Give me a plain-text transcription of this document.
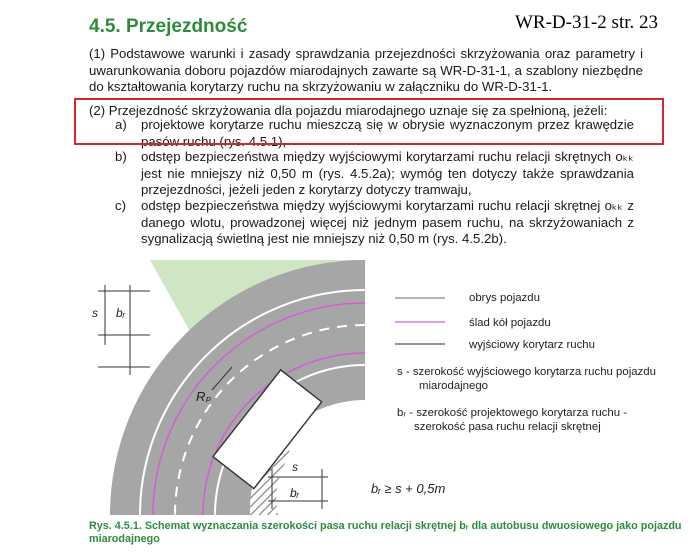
4.5. Przejezdność	WR-D-31-2 str. 23
(1) Podstawowe warunki i zasady sprawdzania przejezdności skrzyżowania oraz parametry i uwarunkowania doboru pojazdów miarodajnych zawarte są WR-D-31-1, a szablony niezbędne do kształtowania korytarzy ruchu na skrzyżowaniu w załączniku do WR-D-31-1.
(2) Przejezdność skrzyżowania dla pojazdu miarodajnego uznaje się za spełnioną, jeżeli:
a) projektowe korytarze ruchu mieszczą się w obrysie wyznaczonym przez krawędzie pasów ruchu (rys. 4.5.1),
b) odstęp bezpieczeństwa między wyjściowymi korytarzami ruchu relacji skrętnych oₖₖ jest nie mniejszy niż 0,50 m (rys. 4.5.2a); wymóg ten dotyczy także sprawdzania przejezdności, jeżeli jeden z korytarzy dotyczy tramwaju,
c) odstęp bezpieczeństwa między wyjściowymi korytarzami ruchu relacji skrętnej oₖₖ z danego wlotu, prowadzonej więcej niż jednym pasem ruchu, na skrzyżowaniach z sygnalizacją świetlną jest nie mniejszy niż 0,50 m (rys. 4.5.2b).
s bᵣ
Rₚ
s
bᵣ	bᵣ ≥ s + 0,5m
obrys pojazdu
ślad kół pojazdu
wyjściowy korytarz ruchu
s - szerokość wyjściowego korytarza ruchu pojazdu
miarodajnego
bᵣ - szerokość projektowego korytarza ruchu -
szerokość pasa ruchu relacji skrętnej
Rys. 4.5.1. Schemat wyznaczania szerokości pasa ruchu relacji skrętnej bᵣ dla autobusu dwuosiowego jako pojazdu miarodajnego
